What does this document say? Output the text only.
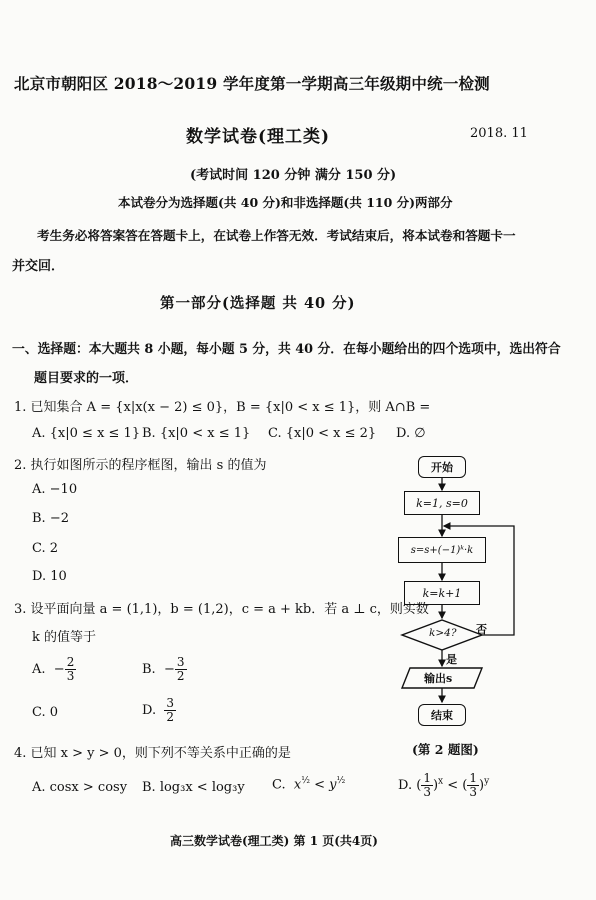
北京市朝阳区 2018～2019 学年度第一学期高三年级期中统一检测
数学试卷(理工类)	2018. 11
(考试时间 120 分钟 满分 150 分)
本试卷分为选择题(共 40 分)和非选择题(共 110 分)两部分
考生务必将答案答在答题卡上，在试卷上作答无效．考试结束后，将本试卷和答题卡一
并交回．
第一部分(选择题 共 40 分)
一、选择题：本大题共 8 小题，每小题 5 分，共 40 分．在每小题给出的四个选项中，选出符合
题目要求的一项．
1. 已知集合 A = {x|x(x − 2) ≤ 0}，B = {x|0 < x ≤ 1}，则 A∩B =
A. {x|0 ≤ x ≤ 1} B. {x|0 < x ≤ 1} C. {x|0 < x ≤ 2} D. ∅
2. 执行如图所示的程序框图，输出 s 的值为
A. −10
B. −2
C. 2
D. 10
3. 设平面向量 a = (1,1)，b = (1,2)，c = a + kb．若 a ⊥ c，则实数
k 的值等于
A. − $\frac{2}{3}$	B. − $\frac{3}{2}$
C. 0	D. $\frac{3}{2}$
4. 已知 x > y > 0，则下列不等关系中正确的是
A. cosx > cosy B. log₃x < log₃y C. $x^{\frac{1}{2}} < y^{\frac{1}{2}}$	D. ( $\frac{1}{3} )^x$ < ( $\frac{1}{3} )^y$
开始
k=1, s=0
s=s+(−1)ᵏ·k
k=k+1
k>4? 否
是
输出s
结束
(第 2 题图)
高三数学试卷(理工类) 第 1 页(共4页)
